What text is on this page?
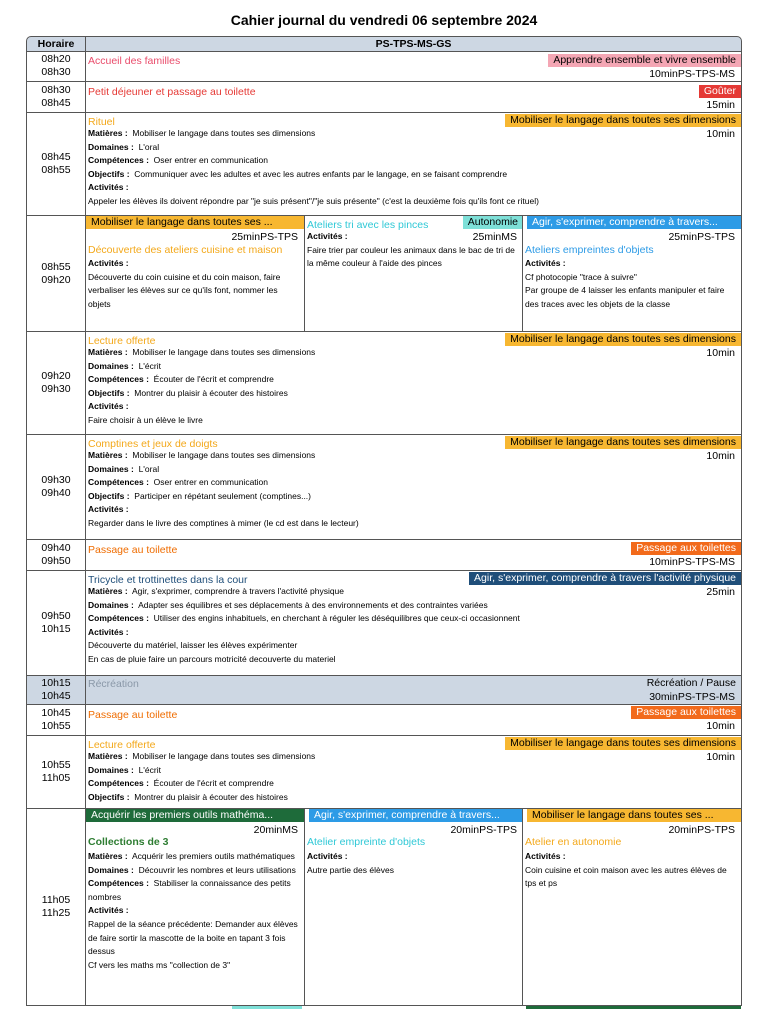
Cahier journal du vendredi 06 septembre 2024
Horaire	PS-TPS-MS-GS
08h20
08h30
Accueil des familles	Apprendre ensemble et vivre ensemble
10minPS-TPS-MS
08h30
08h45
Petit déjeuner et passage au toilette	Goûter
15min
08h45
08h55
Rituel	Mobiliser le langage dans toutes ses dimensions
10min
Matières : Mobiliser le langage dans toutes ses dimensions
Domaines : L'oral
Compétences : Oser entrer en communication
Objectifs : Communiquer avec les adultes et avec les autres enfants par le langage, en se faisant comprendre
Activités :
Appeler les élèves ils doivent répondre par "je suis présent"/"je suis présente" (c'est la deuxième fois qu'ils font ce rituel)
08h55
09h20
Mobiliser le langage dans toutes ses ...
25minPS-TPS
Découverte des ateliers cuisine et maison
Activités :
Découverte du coin cuisine et du coin maison, faire verbaliser les élèves sur ce qu'ils font, nommer les objets
Ateliers tri avec les pinces	Autonomie
25minMS
Activités :
Faire trier par couleur les animaux dans le bac de tri de la même couleur à l'aide des pinces
Agir, s'exprimer, comprendre à travers...
25minPS-TPS
Ateliers empreintes d'objets
Activités :
Cf photocopie "trace à suivre"
Par groupe de 4 laisser les enfants manipuler et faire des traces avec les objets de la classe
09h20
09h30
Lecture offerte	Mobiliser le langage dans toutes ses dimensions
10min
Matières : Mobiliser le langage dans toutes ses dimensions
Domaines : L'écrit
Compétences : Écouter de l'écrit et comprendre
Objectifs : Montrer du plaisir à écouter des histoires
Activités :
Faire choisir à un élève le livre
09h30
09h40
Comptines et jeux de doigts	Mobiliser le langage dans toutes ses dimensions
10min
Matières : Mobiliser le langage dans toutes ses dimensions
Domaines : L'oral
Compétences : Oser entrer en communication
Objectifs : Participer en répétant seulement (comptines...)
Activités :
Regarder dans le livre des comptines à mimer (le cd est dans le lecteur)
09h40
09h50
Passage au toilette	Passage aux toilettes
10minPS-TPS-MS
09h50
10h15
Tricycle et trottinettes dans la cour	Agir, s'exprimer, comprendre à travers l'activité physique
25min
Matières : Agir, s'exprimer, comprendre à travers l'activité physique
Domaines : Adapter ses équilibres et ses déplacements à des environnements et des contraintes variées
Compétences : Utiliser des engins inhabituels, en cherchant à réguler les déséquilibres que ceux-ci occasionnent
Activités :
Découverte du matériel, laisser les élèves expérimenter
En cas de pluie faire un parcours motricité decouverte du materiel
10h15
10h45
Récréation	Récréation / Pause
30minPS-TPS-MS
10h45
10h55
Passage au toilette	Passage aux toilettes
10min
10h55
11h05
Lecture offerte	Mobiliser le langage dans toutes ses dimensions
10min
Matières : Mobiliser le langage dans toutes ses dimensions
Domaines : L'écrit
Compétences : Écouter de l'écrit et comprendre
Objectifs : Montrer du plaisir à écouter des histoires
11h05
11h25
Acquérir les premiers outils mathéma...
20minMS
Collections de 3
Matières : Acquérir les premiers outils mathématiques
Domaines : Découvrir les nombres et leurs utilisations
Compétences : Stabiliser la connaissance des petits nombres
Activités :
Rappel de la séance précédente: Demander aux élèves de faire sortir la mascotte de la boite en tapant 3 fois dessus
Cf vers les maths ms "collection de 3"
Agir, s'exprimer, comprendre à travers...
20minPS-TPS
Atelier empreinte d'objets
Activités :
Autre partie des élèves
Mobiliser le langage dans toutes ses ...
20minPS-TPS
Atelier en autonomie
Activités :
Coin cuisine et coin maison avec les autres élèves de tps et ps
